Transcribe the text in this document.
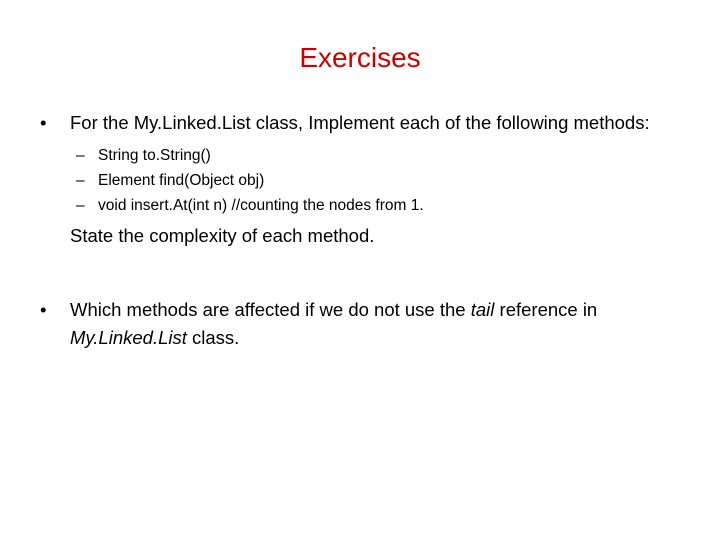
Exercises
•	For the My.Linked.List class, Implement each of the following methods:
– String to.String()
– Element find(Object obj)
– void insert.At(int n) //counting the nodes from 1.
State the complexity of each method.
•	Which methods are affected if we do not use the tail reference in My.Linked.List class.
